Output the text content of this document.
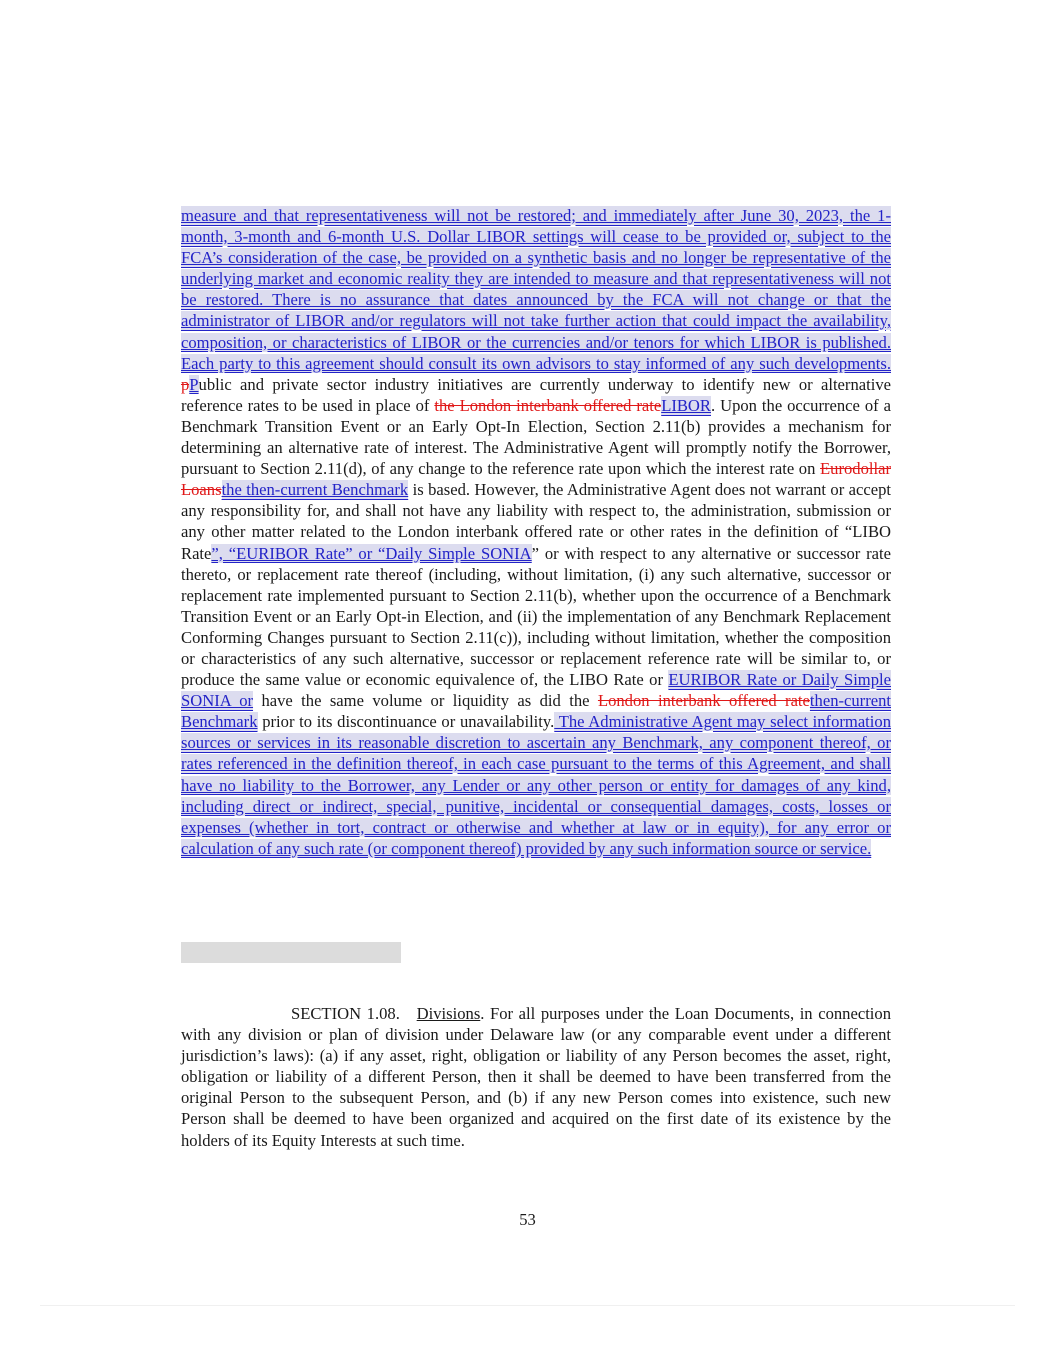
measure and that representativeness will not be restored; and immediately after June 30, 2023, the 1-month, 3-month and 6-month U.S. Dollar LIBOR settings will cease to be provided or, subject to the FCA’s consideration of the case, be provided on a synthetic basis and no longer be representative of the underlying market and economic reality they are intended to measure and that representativeness will not be restored. There is no assurance that dates announced by the FCA will not change or that the administrator of LIBOR and/or regulators will not take further action that could impact the availability, composition, or characteristics of LIBOR or the currencies and/or tenors for which LIBOR is published. Each party to this agreement should consult its own advisors to stay informed of any such developments. pPublic and private sector industry initiatives are currently underway to identify new or alternative reference rates to be used in place of the London interbank offered rateLIBOR. Upon the occurrence of a Benchmark Transition Event or an Early Opt-In Election, Section 2.11(b) provides a mechanism for determining an alternative rate of interest. The Administrative Agent will promptly notify the Borrower, pursuant to Section 2.11(d), of any change to the reference rate upon which the interest rate on Eurodollar Loansthe then-current Benchmark is based. However, the Administrative Agent does not warrant or accept any responsibility for, and shall not have any liability with respect to, the administration, submission or any other matter related to the London interbank offered rate or other rates in the definition of “LIBO Rate”, “EURIBOR Rate” or “Daily Simple SONIA” or with respect to any alternative or successor rate thereto, or replacement rate thereof (including, without limitation, (i) any such alternative, successor or replacement rate implemented pursuant to Section 2.11(b), whether upon the occurrence of a Benchmark Transition Event or an Early Opt-in Election, and (ii) the implementation of any Benchmark Replacement Conforming Changes pursuant to Section 2.11(c)), including without limitation, whether the composition or characteristics of any such alternative, successor or replacement reference rate will be similar to, or produce the same value or economic equivalence of, the LIBO Rate or EURIBOR Rate or Daily Simple SONIA or have the same volume or liquidity as did the London interbank offered ratethen-current Benchmark prior to its discontinuance or unavailability. The Administrative Agent may select information sources or services in its reasonable discretion to ascertain any Benchmark, any component thereof, or rates referenced in the definition thereof, in each case pursuant to the terms of this Agreement, and shall have no liability to the Borrower, any Lender or any other person or entity for damages of any kind, including direct or indirect, special, punitive, incidental or consequential damages, costs, losses or expenses (whether in tort, contract or otherwise and whether at law or in equity), for any error or calculation of any such rate (or component thereof) provided by any such information source or service.
SECTION 1.08. Divisions. For all purposes under the Loan Documents, in connection with any division or plan of division under Delaware law (or any comparable event under a different jurisdiction’s laws): (a) if any asset, right, obligation or liability of any Person becomes the asset, right, obligation or liability of a different Person, then it shall be deemed to have been transferred from the original Person to the subsequent Person, and (b) if any new Person comes into existence, such new Person shall be deemed to have been organized and acquired on the first date of its existence by the holders of its Equity Interests at such time.
53
